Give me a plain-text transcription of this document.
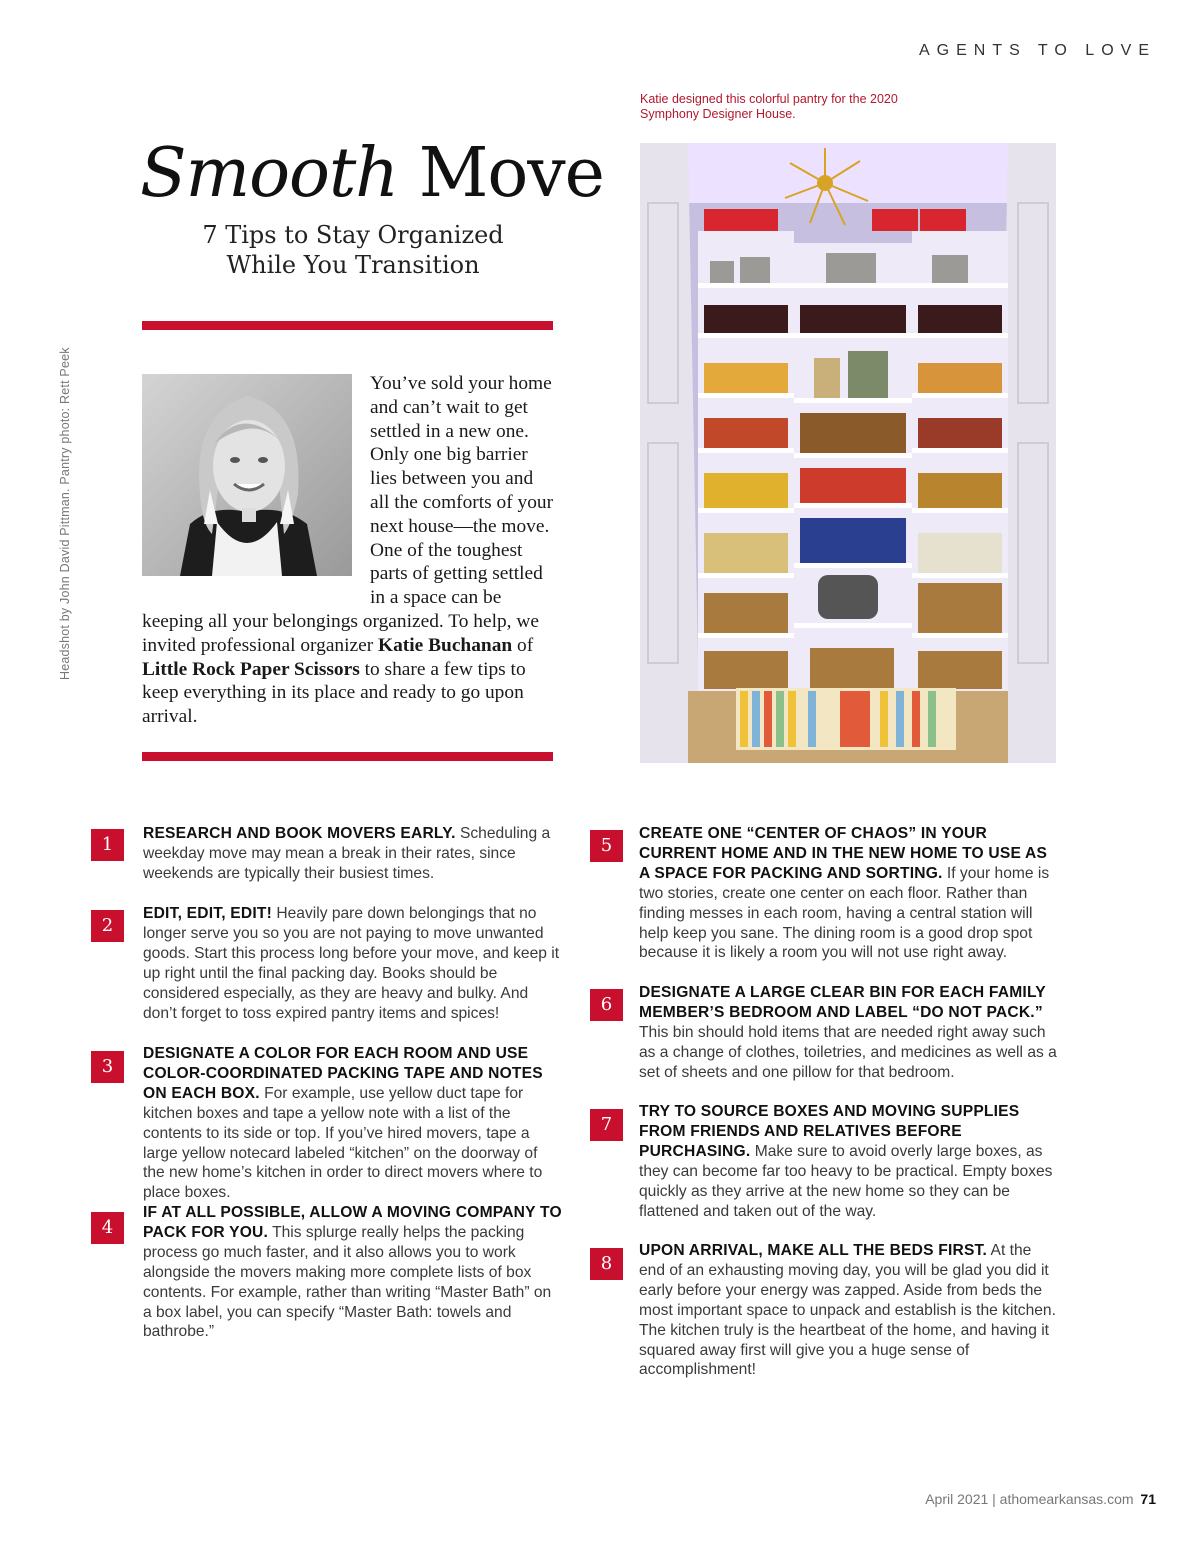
AGENTS TO LOVE
Headshot by John David Pittman. Pantry photo: Rett Peek
Smooth Move
7 Tips to Stay Organized
While You Transition
You’ve sold your home and can’t wait to get settled in a new one. Only one big barrier lies between you and all the comforts of your next house—the move. One of the toughest parts of getting settled in a space can be keeping all your belongings organized. To help, we invited professional organizer Katie Buchanan of Little Rock Paper Scissors to share a few tips to keep everything in its place and ready to go upon arrival.
Katie designed this colorful pantry for the 2020 Symphony Designer House.
1
RESEARCH AND BOOK MOVERS EARLY. Scheduling a weekday move may mean a break in their rates, since weekends are typically their busiest times.
2
EDIT, EDIT, EDIT! Heavily pare down belongings that no longer serve you so you are not paying to move unwanted goods. Start this process long before your move, and keep it up right until the final packing day. Books should be considered especially, as they are heavy and bulky. And don’t forget to toss expired pantry items and spices!
3
DESIGNATE A COLOR FOR EACH ROOM AND USE COLOR-COORDINATED PACKING TAPE AND NOTES ON EACH BOX. For example, use yellow duct tape for kitchen boxes and tape a yellow note with a list of the contents to its side or top. If you’ve hired movers, tape a large yellow notecard labeled “kitchen” on the doorway of the new home’s kitchen in order to direct movers where to place boxes.
4
IF AT ALL POSSIBLE, ALLOW A MOVING COMPANY TO PACK FOR YOU. This splurge really helps the packing process go much faster, and it also allows you to work alongside the movers making more complete lists of box contents. For example, rather than writing “Master Bath” on a box label, you can specify “Master Bath: towels and bathrobe.”
5
CREATE ONE “CENTER OF CHAOS” IN YOUR CURRENT HOME AND IN THE NEW HOME TO USE AS A SPACE FOR PACKING AND SORTING. If your home is two stories, create one center on each floor. Rather than finding messes in each room, having a central station will help keep you sane. The dining room is a good drop spot because it is likely a room you will not use right away.
6
DESIGNATE A LARGE CLEAR BIN FOR EACH FAMILY MEMBER’S BEDROOM AND LABEL “DO NOT PACK.” This bin should hold items that are needed right away such as a change of clothes, toiletries, and medicines as well as a set of sheets and one pillow for that bedroom.
7
TRY TO SOURCE BOXES AND MOVING SUPPLIES FROM FRIENDS AND RELATIVES BEFORE PURCHASING. Make sure to avoid overly large boxes, as they can become far too heavy to be practical. Empty boxes quickly as they arrive at the new home so they can be flattened and taken out of the way.
8
UPON ARRIVAL, MAKE ALL THE BEDS FIRST. At the end of an exhausting moving day, you will be glad you did it early before your energy was zapped. Aside from beds the most important space to unpack and establish is the kitchen. The kitchen truly is the heartbeat of the home, and having it squared away first will give you a huge sense of accomplishment!
April 2021 | athomearkansas.com 71
